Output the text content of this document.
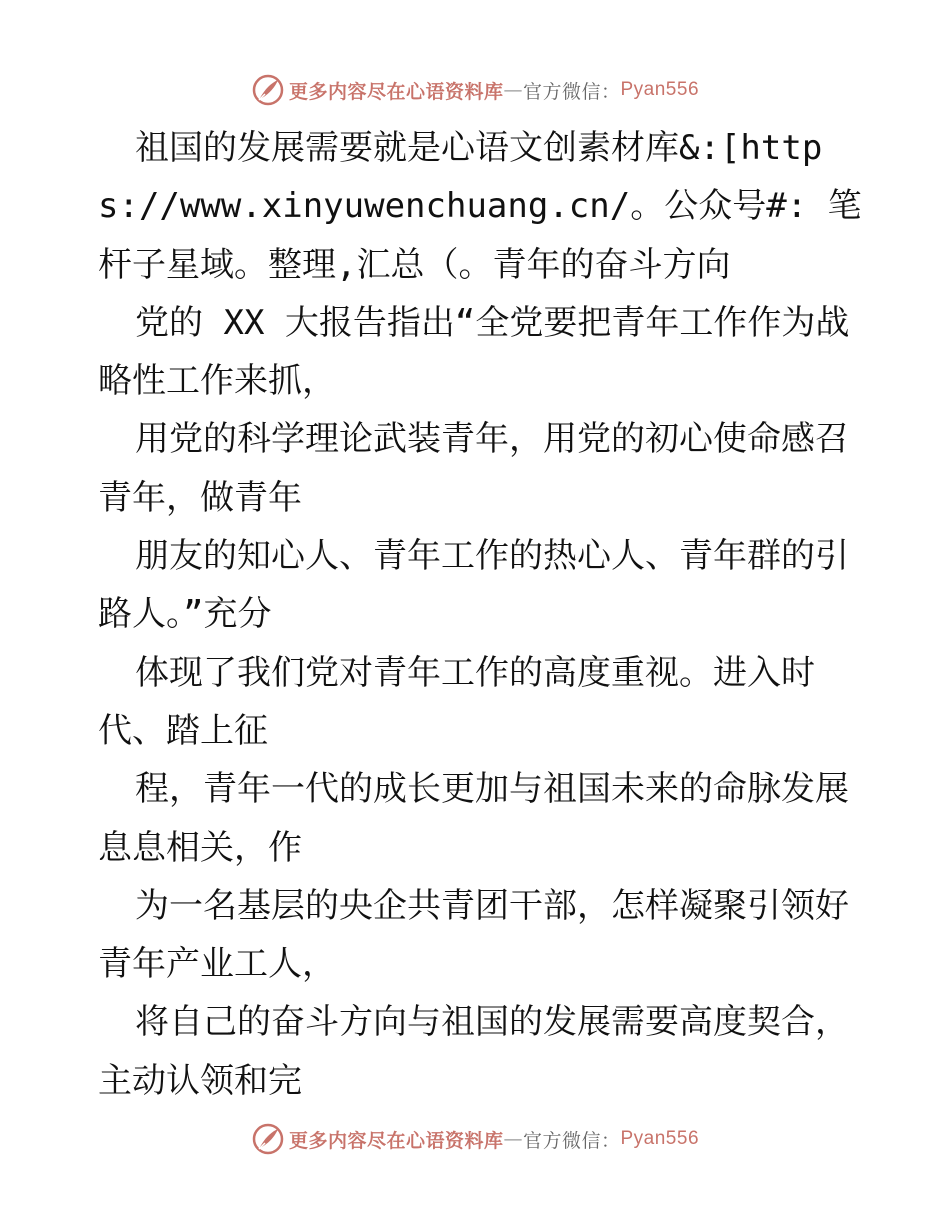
更多内容尽在心语资料库 — 官方微信： Pyan556

祖国的发展需要就是心语文创素材库&:[https://www.xinyuwenchuang.cn/。公众号#: 笔杆子星域。整理,汇总（。青年的奋斗方向

党的 XX 大报告指出“全党要把青年工作作为战略性工作来抓，

用党的科学理论武装青年，用党的初心使命感召青年，做青年

朋友的知心人、青年工作的热心人、青年群的引路人。”充分

体现了我们党对青年工作的高度重视。进入时代、踏上征

程，青年一代的成长更加与祖国未来的命脉发展息息相关，作

为一名基层的央企共青团干部，怎样凝聚引领好青年产业工人，

将自己的奋斗方向与祖国的发展需要高度契合，主动认领和完

更多内容尽在心语资料库 — 官方微信： Pyan556
